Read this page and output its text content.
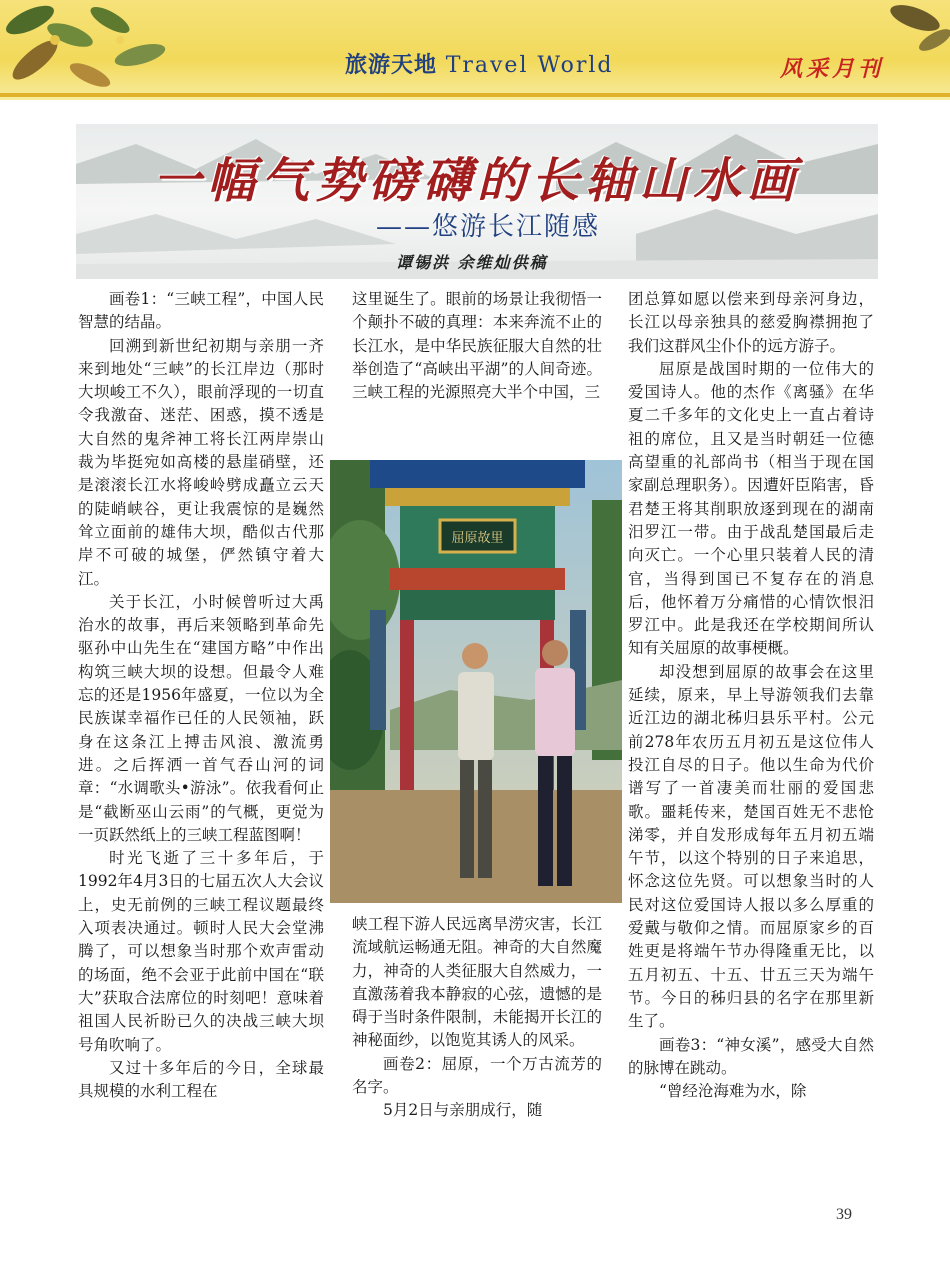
旅游天地 Travel World	风采月刊
一幅气势磅礴的长轴山水画
——悠游长江随感
谭锡洪 余维灿供稿

画卷1：“三峡工程”，中国人民智慧的结晶。

回溯到新世纪初期与亲朋一齐来到地处“三峡”的长江岸边（那时大坝峻工不久），眼前浮现的一切直令我激奋、迷茫、困惑，摸不透是大自然的鬼斧神工将长江两岸崇山裁为毕挺宛如高楼的悬崖硝壁，还是滚滚长江水将峻岭劈成矗立云天的陡峭峡谷，更让我震惊的是巍然耸立面前的雄伟大坝，酷似古代那岸不可破的城堡，俨然镇守着大江。

关于长江，小时候曾听过大禹治水的故事，再后来领略到革命先驱孙中山先生在“建国方略”中作出构筑三峡大坝的设想。但最令人难忘的还是1956年盛夏，一位以为全民族谋幸福作已任的人民领袖，跃身在这条江上搏击风浪、激流勇进。之后挥洒一首气吞山河的词章：“水调歌头•游泳”。依我看何止是“截断巫山云雨”的气概，更觉为一页跃然纸上的三峡工程蓝图啊！

时光飞逝了三十多年后，于1992年4月3日的七届五次人大会议上，史无前例的三峡工程议题最终入项表决通过。顿时人民大会堂沸腾了，可以想象当时那个欢声雷动的场面，绝不会亚于此前中国在“联大”获取合法席位的时刻吧！意味着祖国人民祈盼已久的决战三峡大坝号角吹响了。

又过十多年后的今日，全球最具规模的水利工程在

这里诞生了。眼前的场景让我彻悟一个颠扑不破的真理：本来奔流不止的长江水，是中华民族征服大自然的壮举创造了“高峡出平湖”的人间奇迹。三峡工程的光源照亮大半个中国，三
屈原故里
峡工程下游人民远离旱涝灾害，长江流域航运畅通无阻。神奇的大自然魔力，神奇的人类征服大自然威力，一直激荡着我本静寂的心弦，遗憾的是碍于当时条件限制，未能揭开长江的神秘面纱，以饱览其诱人的风采。

画卷2：屈原，一个万古流芳的名字。

5月2日与亲朋成行，随

团总算如愿以偿来到母亲河身边，长江以母亲独具的慈爱胸襟拥抱了我们这群风尘仆仆的远方游子。

屈原是战国时期的一位伟大的爱国诗人。他的杰作《离骚》在华夏二千多年的文化史上一直占着诗祖的席位，且又是当时朝廷一位德高望重的礼部尚书（相当于现在国家副总理职务）。因遭奸臣陷害，昏君楚王将其削职放逐到现在的湖南汨罗江一带。由于战乱楚国最后走向灭亡。一个心里只装着人民的清官，当得到国已不复存在的消息后，他怀着万分痛惜的心情饮恨汨罗江中。此是我还在学校期间所认知有关屈原的故事梗概。

却没想到屈原的故事会在这里延续，原来，早上导游领我们去靠近江边的湖北秭归县乐平村。公元前278年农历五月初五是这位伟人投江自尽的日子。他以生命为代价谱写了一首凄美而壮丽的爱国悲歌。噩耗传来，楚国百姓无不悲怆涕零，并自发形成每年五月初五端午节，以这个特别的日子来追思，怀念这位先贤。可以想象当时的人民对这位爱国诗人报以多么厚重的爱戴与敬仰之情。而屈原家乡的百姓更是将端午节办得隆重无比，以五月初五、十五、廿五三天为端午节。今日的秭归县的名字在那里新生了。

画卷3：“神女溪”，感受大自然的脉博在跳动。

“曾经沧海难为水，除

39
